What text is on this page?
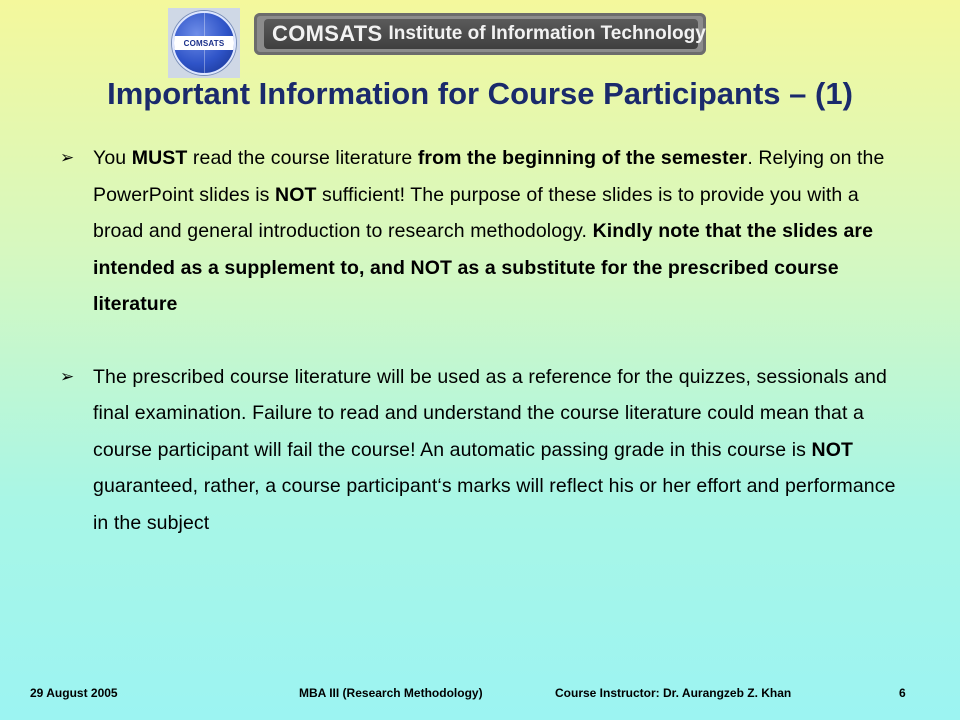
COMSATS	COMSATS Institute of Information Technology
Important Information for Course Participants – (1)
➢ You MUST read the course literature from the beginning of the semester. Relying on the PowerPoint slides is NOT sufficient! The purpose of these slides is to provide you with a broad and general introduction to research methodology. Kindly note that the slides are intended as a supplement to, and NOT as a substitute for the prescribed course literature
➢ The prescribed course literature will be used as a reference for the quizzes, sessionals and final examination. Failure to read and understand the course literature could mean that a course participant will fail the course! An automatic passing grade in this course is NOT guaranteed, rather, a course participant‘s marks will reflect his or her effort and performance in the subject
29 August 2005	MBA III (Research Methodology)	Course Instructor: Dr. Aurangzeb Z. Khan	6
